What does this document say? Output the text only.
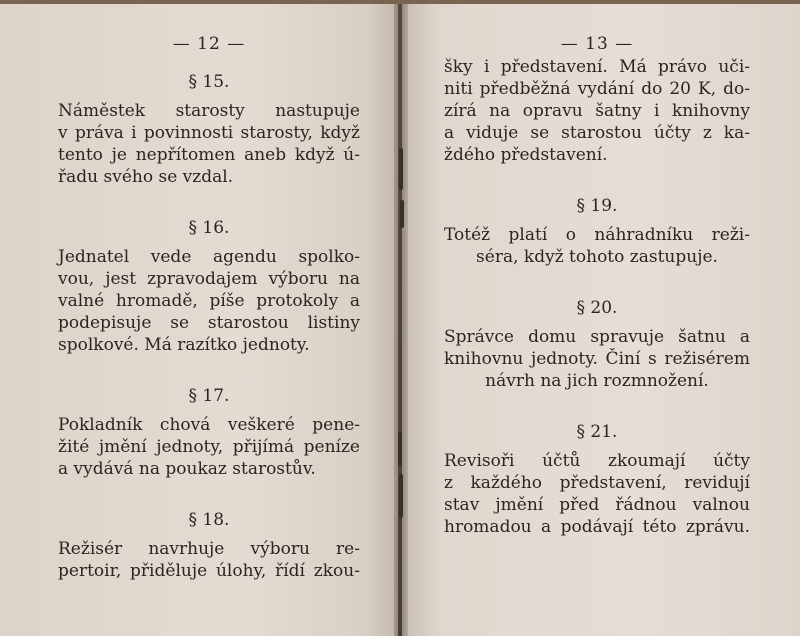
— 12 —
§ 15.
Náměstek starosty nastupuje
v práva i povinnosti starosty, když
tento je nepřítomen aneb když ú-
řadu svého se vzdal.
§ 16.
Jednatel vede agendu spolko-
vou, jest zpravodajem výboru na
valné hromadě, píše protokoly a
podepisuje se starostou listiny
spolkové. Má razítko jednoty.
§ 17.
Pokladník chová veškeré pene-
žité jmění jednoty, přijímá peníze
a vydává na poukaz starostův.
§ 18.
Režisér navrhuje výboru re-
pertoir, přiděluje úlohy, řídí zkou-
— 13 —
šky i představení. Má právo uči-
niti předběžná vydání do 20 K, do-
zírá na opravu šatny i knihovny
a viduje se starostou účty z ka-
ždého představení.
§ 19.
Totéž platí o náhradníku reži-
séra, když tohoto zastupuje.
§ 20.
Správce domu spravuje šatnu a
knihovnu jednoty. Činí s režisérem
návrh na jich rozmnožení.
§ 21.
Revisoři účtů zkoumají účty
z každého představení, revidují
stav jmění před řádnou valnou
hromadou a podávají této zprávu.
